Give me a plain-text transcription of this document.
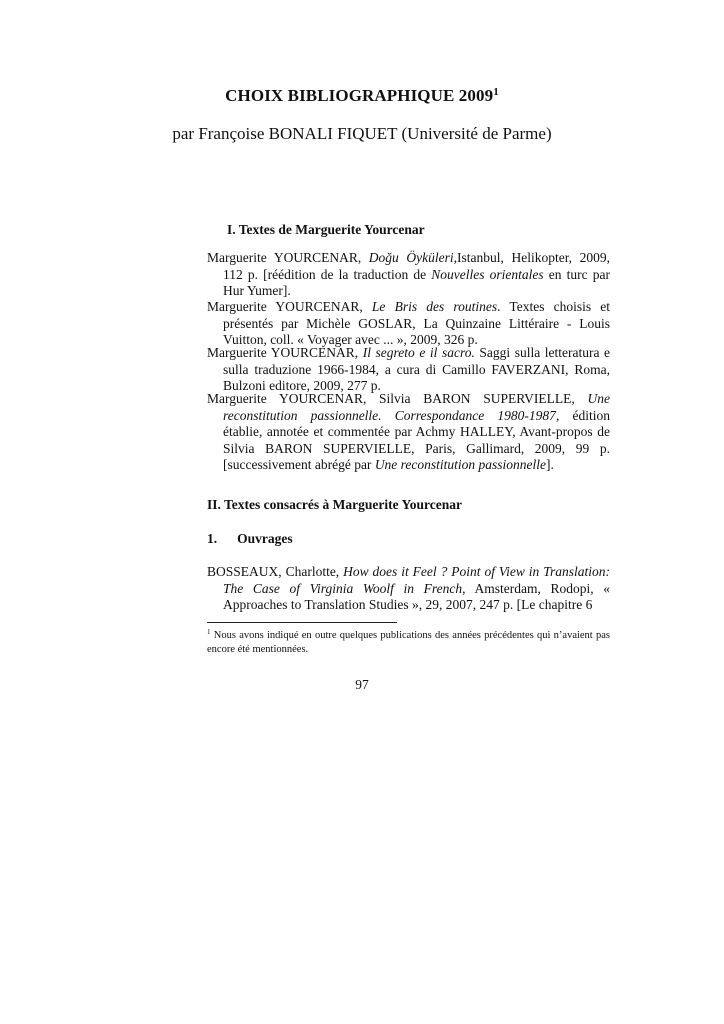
CHOIX BIBLIOGRAPHIQUE 2009$^1$
par Françoise BONALI FIQUET (Université de Parme)
I. Textes de Marguerite Yourcenar
Marguerite YOURCENAR, Doğu Öyküleri,Istanbul, Helikopter, 2009, 112 p. [réédition de la traduction de Nouvelles orientales en turc par Hur Yumer].
Marguerite YOURCENAR, Le Bris des routines. Textes choisis et présentés par Michèle GOSLAR, La Quinzaine Littéraire - Louis Vuitton, coll. « Voyager avec ... », 2009, 326 p.
Marguerite YOURCENAR, Il segreto e il sacro. Saggi sulla letteratura e sulla traduzione 1966-1984, a cura di Camillo FAVERZANI, Roma, Bulzoni editore, 2009, 277 p.
Marguerite YOURCENAR, Silvia BARON SUPERVIELLE, Une reconstitution passionnelle. Correspondance 1980-1987, édition établie, annotée et commentée par Achmy HALLEY, Avant-propos de Silvia BARON SUPERVIELLE, Paris, Gallimard, 2009, 99 p. [successivement abrégé par Une reconstitution passionnelle].
II. Textes consacrés à Marguerite Yourcenar
1. Ouvrages
BOSSEAUX, Charlotte, How does it Feel ? Point of View in Translation: The Case of Virginia Woolf in French, Amsterdam, Rodopi, « Approaches to Translation Studies », 29, 2007, 247 p. [Le chapitre 6
$^1$ Nous avons indiqué en outre quelques publications des années précédentes qui n’avaient pas encore été mentionnées.
97
